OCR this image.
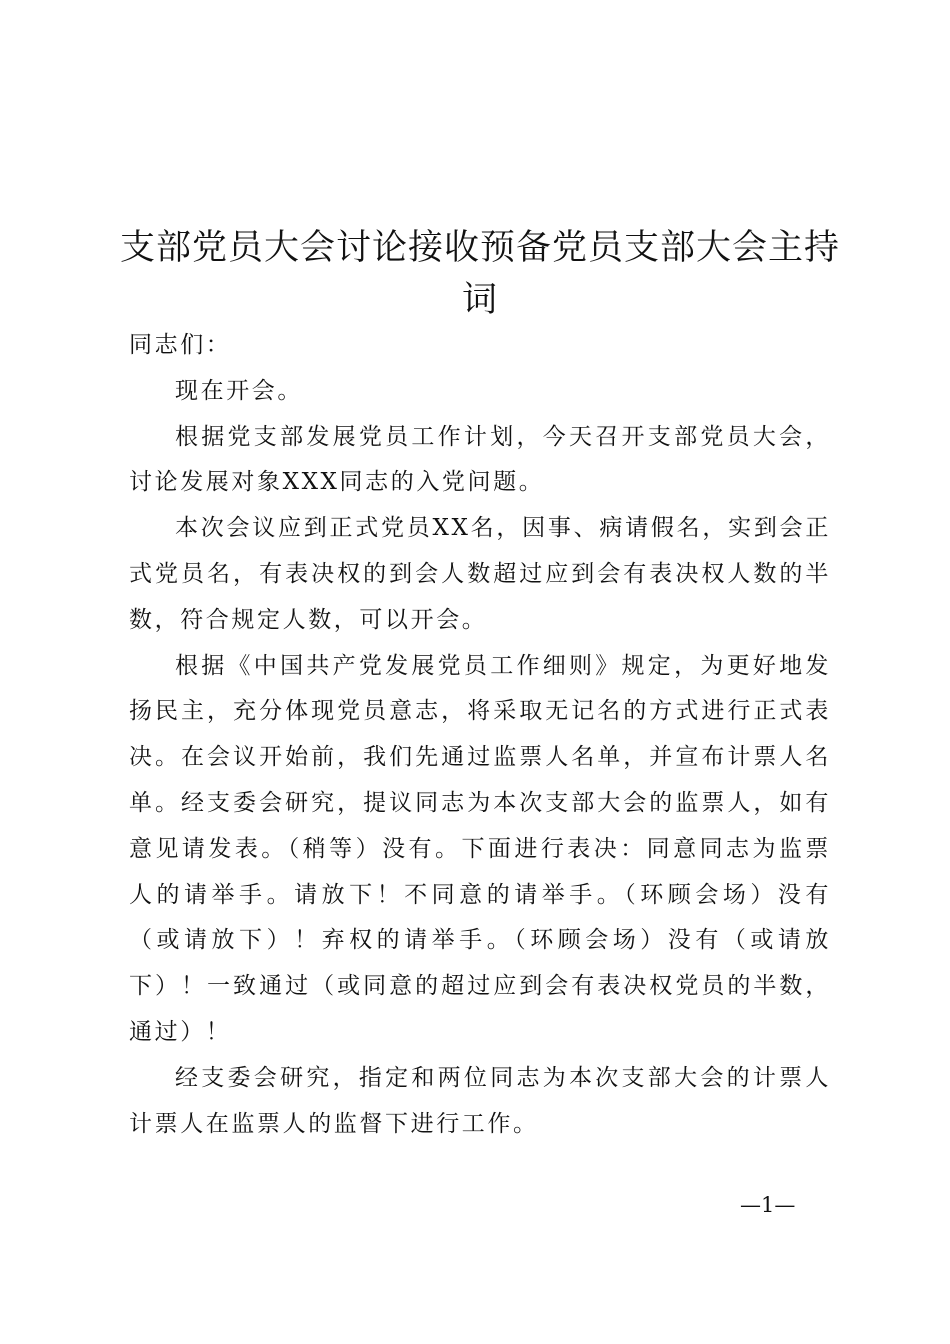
支部党员大会讨论接收预备党员支部大会主持词

同志们：

现在开会。

根据党支部发展党员工作计划，今天召开支部党员大会，讨论发展对象XXX同志的入党问题。

本次会议应到正式党员XX名，因事、病请假名，实到会正式党员名，有表决权的到会人数超过应到会有表决权人数的半数，符合规定人数，可以开会。

根据《中国共产党发展党员工作细则》规定，为更好地发扬民主，充分体现党员意志，将采取无记名的方式进行正式表决。在会议开始前，我们先通过监票人名单，并宣布计票人名单。经支委会研究，提议同志为本次支部大会的监票人，如有意见请发表。（稍等）没有。下面进行表决：同意同志为监票人的请举手。请放下！不同意的请举手。（环顾会场）没有（或请放下）！弃权的请举手。（环顾会场）没有（或请放下）！一致通过（或同意的超过应到会有表决权党员的半数，通过）！

经支委会研究，指定和两位同志为本次支部大会的计票人计票人在监票人的监督下进行工作。

—1—
